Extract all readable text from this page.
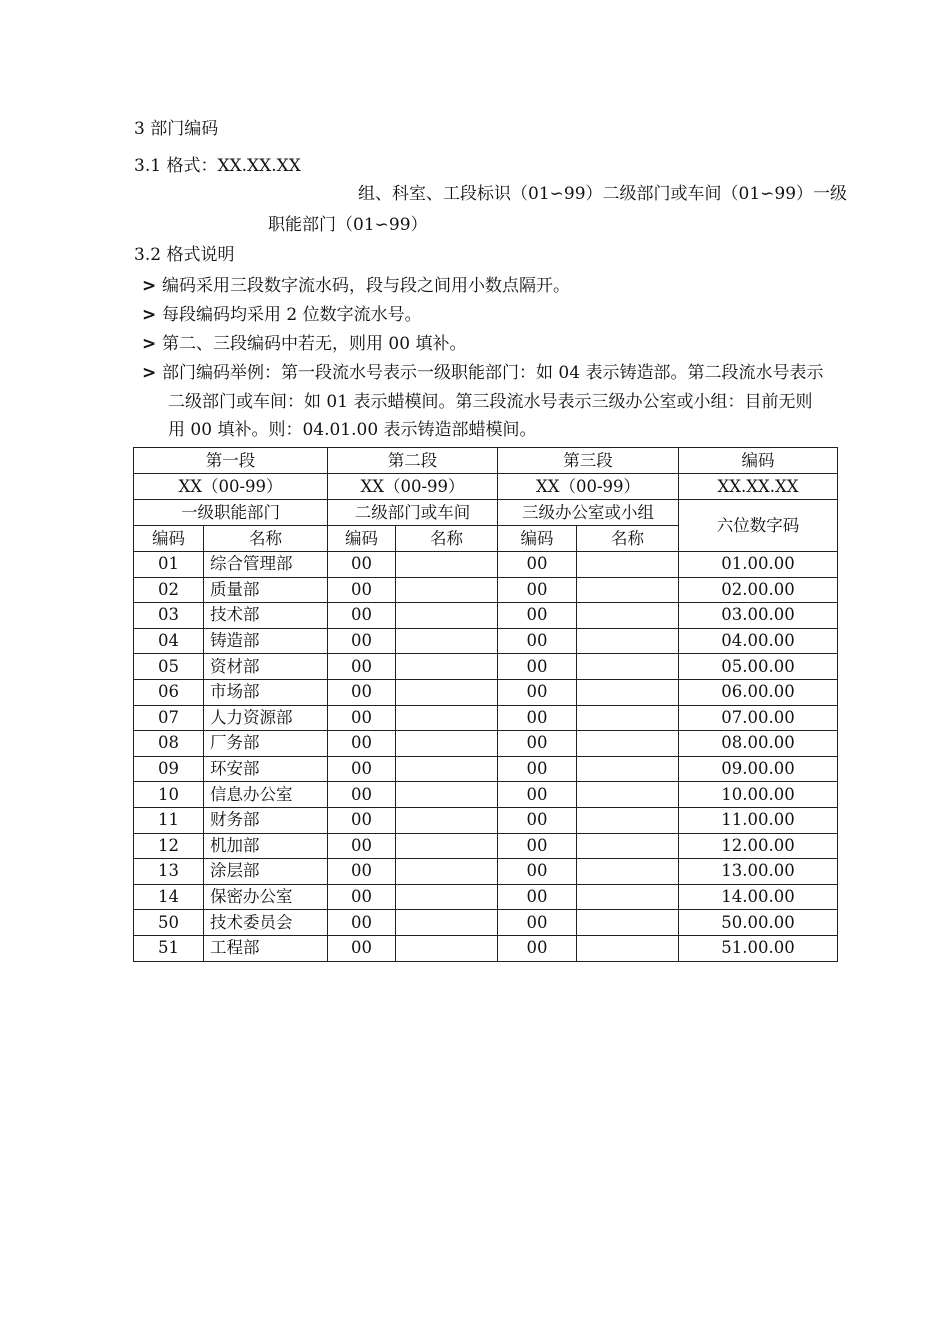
3 部门编码
3.1 格式：XX.XX.XX
组、科室、工段标识（01∽99）二级部门或车间（01∽99）一级
职能部门（01∽99）
3.2 格式说明
> 编码采用三段数字流水码，段与段之间用小数点隔开。
> 每段编码均采用 2 位数字流水号。
> 第二、三段编码中若无，则用 00 填补。
> 部门编码举例：第一段流水号表示一级职能部门：如 04 表示铸造部。第二段流水号表示
二级部门或车间：如 01 表示蜡模间。第三段流水号表示三级办公室或小组：目前无则
用 00 填补。则：04.01.00 表示铸造部蜡模间。
第一段		第二段		第三段		编码
XX（00-99）		XX（00-99）		XX（00-99）		XX.XX.XX
一级职能部门		二级部门或车间		三级办公室或小组		六位数字码
编码	名称	编码	名称	编码	名称	
01	综合管理部	00		00		01.00.00
02	质量部	00		00		02.00.00
03	技术部	00		00		03.00.00
04	铸造部	00		00		04.00.00
05	资材部	00		00		05.00.00
06	市场部	00		00		06.00.00
07	人力资源部	00		00		07.00.00
08	厂务部	00		00		08.00.00
09	环安部	00		00		09.00.00
10	信息办公室	00		00		10.00.00
11	财务部	00		00		11.00.00
12	机加部	00		00		12.00.00
13	涂层部	00		00		13.00.00
14	保密办公室	00		00		14.00.00
50	技术委员会	00		00		50.00.00
51	工程部	00		00		51.00.00
